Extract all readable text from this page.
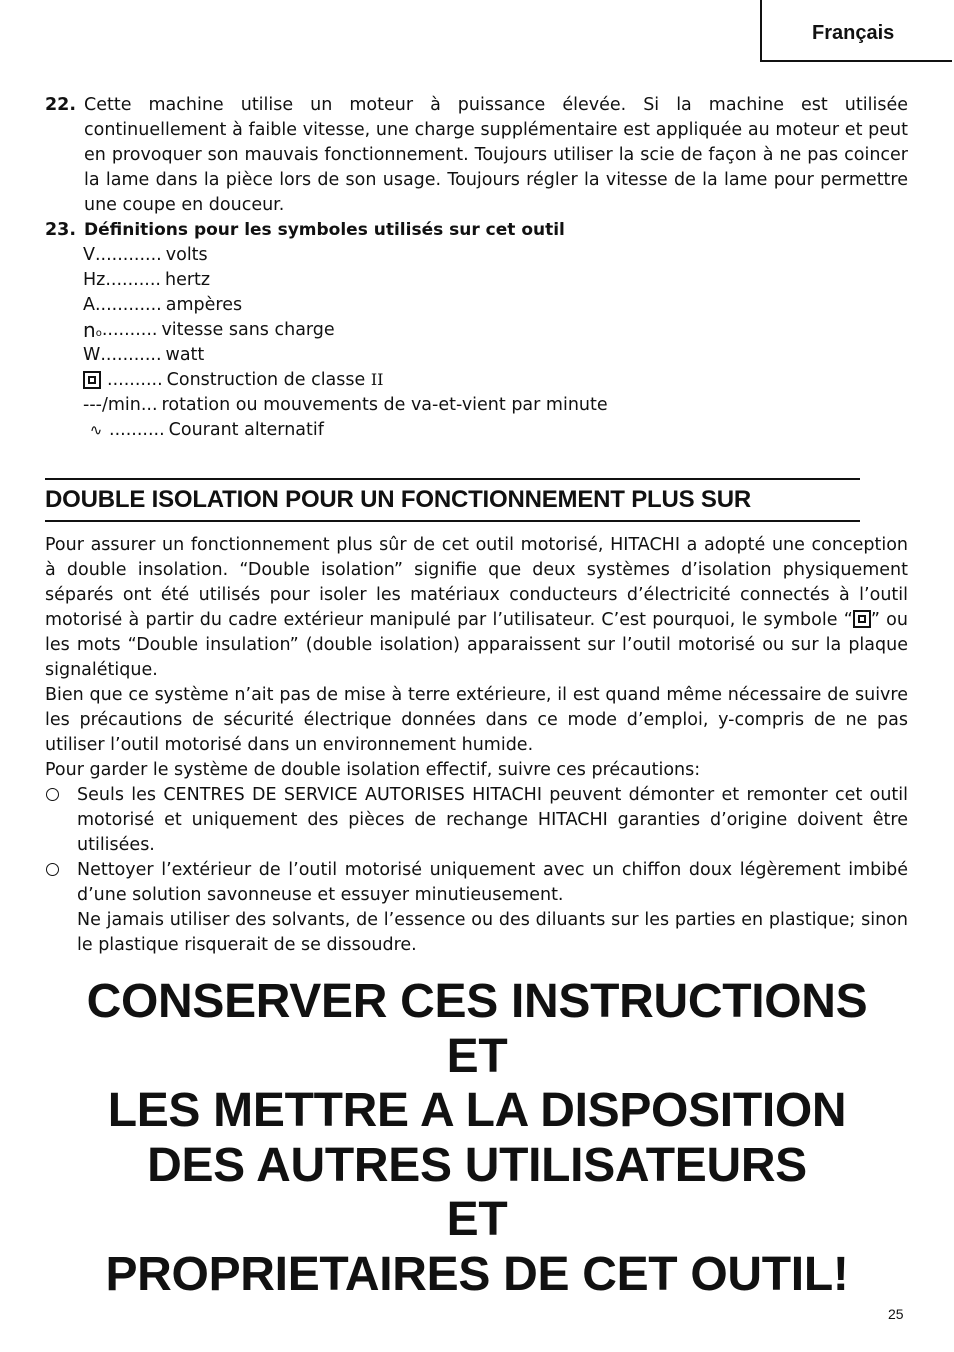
Français
22. Cette machine utilise un moteur à puissance élevée. Si la machine est utilisée continuellement à faible vitesse, une charge supplémentaire est appliquée au moteur et peut en provoquer son mauvais fonctionnement. Toujours utiliser la scie de façon à ne pas coincer la lame dans la pièce lors de son usage. Toujours régler la vitesse de la lame pour permettre une coupe en douceur.
23. Définitions pour les symboles utilisés sur cet outil
V ............ volts
Hz .......... hertz
A ............ ampères
$n_o$ .......... vitesse sans charge
W ........... watt
.......... Construction de classe II
---/min ... rotation ou mouvements de va-et-vient par minute
∿ .......... Courant alternatif
DOUBLE ISOLATION POUR UN FONCTIONNEMENT PLUS SUR
Pour assurer un fonctionnement plus sûr de cet outil motorisé, HITACHI a adopté une conception à double insolation. “Double isolation” signifie que deux systèmes d’isolation physiquement séparés ont été utilisés pour isoler les matériaux conducteurs d’électricité connectés à l’outil motorisé à partir du cadre extérieur manipulé par l’utilisateur. C’est pourquoi, le symbole “ ” ou les mots “Double insulation” (double isolation) apparaissent sur l’outil motorisé ou sur la plaque signalétique.
Bien que ce système n’ait pas de mise à terre extérieure, il est quand même nécessaire de suivre les précautions de sécurité électrique données dans ce mode d’emploi, y-compris de ne pas utiliser l’outil motorisé dans un environnement humide.
Pour garder le système de double isolation effectif, suivre ces précautions:
Seuls les CENTRES DE SERVICE AUTORISES HITACHI peuvent démonter et remonter cet outil motorisé et uniquement des pièces de rechange HITACHI garanties d’origine doivent être utilisées.
Nettoyer l’extérieur de l’outil motorisé uniquement avec un chiffon doux légèrement imbibé d’une solution savonneuse et essuyer minutieusement.
Ne jamais utiliser des solvants, de l’essence ou des diluants sur les parties en plastique; sinon le plastique risquerait de se dissoudre.
CONSERVER CES INSTRUCTIONS
ET
LES METTRE A LA DISPOSITION
DES AUTRES UTILISATEURS
ET
PROPRIETAIRES DE CET OUTIL!
25
